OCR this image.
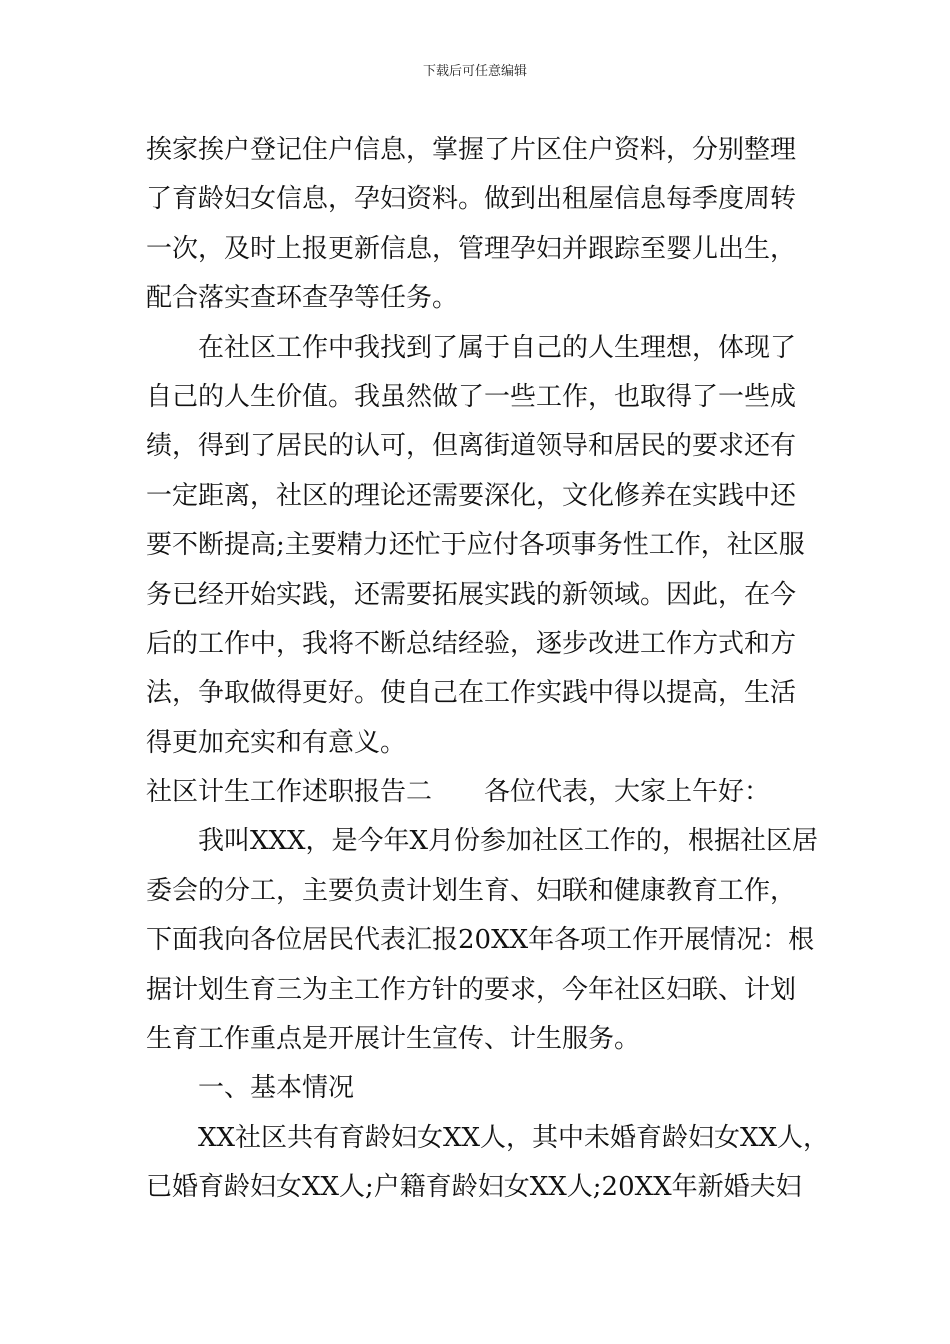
下载后可任意编辑
挨家挨户登记住户信息，掌握了片区住户资料，分别整理
了育龄妇女信息，孕妇资料。做到出租屋信息每季度周转
一次，及时上报更新信息，管理孕妇并跟踪至婴儿出生，
配合落实查环查孕等任务。
在社区工作中我找到了属于自己的人生理想，体现了
自己的人生价值。我虽然做了一些工作，也取得了一些成
绩，得到了居民的认可，但离街道领导和居民的要求还有
一定距离，社区的理论还需要深化，文化修养在实践中还
要不断提高;主要精力还忙于应付各项事务性工作，社区服
务已经开始实践，还需要拓展实践的新领域。因此，在今
后的工作中，我将不断总结经验，逐步改进工作方式和方
法，争取做得更好。使自己在工作实践中得以提高，生活
得更加充实和有意义。
社区计生工作述职报告二　　各位代表，大家上午好：
我叫XXX，是今年X月份参加社区工作的，根据社区居
委会的分工，主要负责计划生育、妇联和健康教育工作，
下面我向各位居民代表汇报20XX年各项工作开展情况：根
据计划生育三为主工作方针的要求，今年社区妇联、计划
生育工作重点是开展计生宣传、计生服务。
一、基本情况
XX社区共有育龄妇女XX人，其中未婚育龄妇女XX人，
已婚育龄妇女XX人;户籍育龄妇女XX人;20XX年新婚夫妇
